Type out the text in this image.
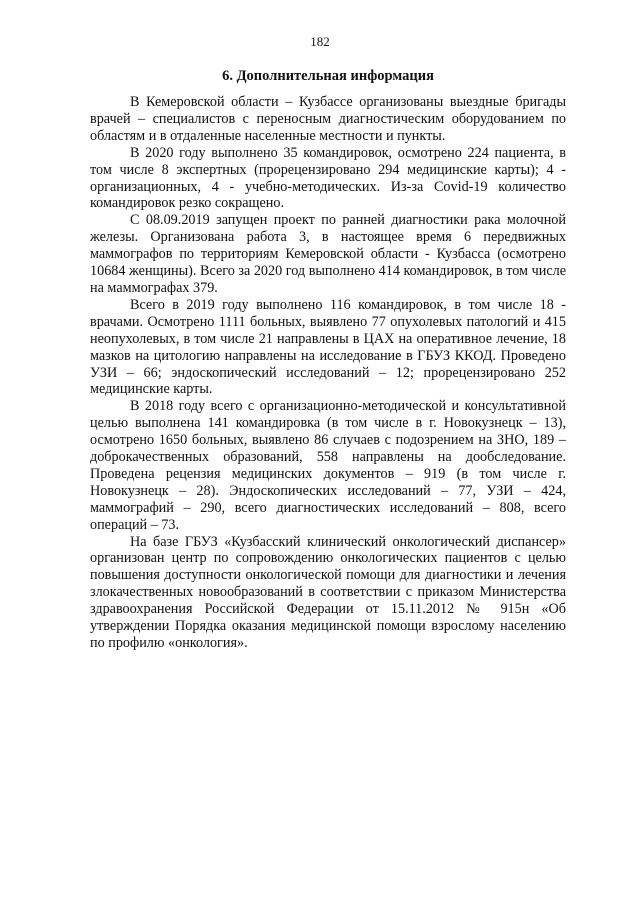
182
6. Дополнительная информация

В Кемеровской области – Кузбассе организованы выездные бригады врачей – специалистов с переносным диагностическим оборудованием по областям и в отдаленные населенные местности и пункты.

В 2020 году выполнено 35 командировок, осмотрено 224 пациента, в том числе 8 экспертных (прорецензировано 294 медицинские карты); 4 - организационных, 4 - учебно-методических. Из-за Covid-19 количество командировок резко сокращено.

С 08.09.2019 запущен проект по ранней диагностики рака молочной железы. Организована работа 3, в настоящее время 6 передвижных маммографов по территориям Кемеровской области - Кузбасса (осмотрено 10684 женщины). Всего за 2020 год выполнено 414 командировок, в том числе на маммографах 379.

Всего в 2019 году выполнено 116 командировок, в том числе 18 - врачами. Осмотрено 1111 больных, выявлено 77 опухолевых патологий и 415 неопухолевых, в том числе 21 направлены в ЦАХ на оперативное лечение, 18 мазков на цитологию направлены на исследование в ГБУЗ ККОД. Проведено УЗИ – 66; эндоскопический исследований – 12; прорецензировано 252 медицинские карты.

В 2018 году всего с организационно-методической и консультативной целью выполнена 141 командировка (в том числе в г. Новокузнецк – 13), осмотрено 1650 больных, выявлено 86 случаев с подозрением на ЗНО, 189 – доброкачественных образований, 558 направлены на дообследование. Проведена рецензия медицинских документов – 919 (в том числе г. Новокузнецк – 28). Эндоскопических исследований – 77, УЗИ – 424, маммографий – 290, всего диагностических исследований – 808, всего операций – 73.

На базе ГБУЗ «Кузбасский клинический онкологический диспансер» организован центр по сопровождению онкологических пациентов с целью повышения доступности онкологической помощи для диагностики и лечения злокачественных новообразований в соответствии с приказом Министерства здравоохранения Российской Федерации от 15.11.2012 № 915н «Об утверждении Порядка оказания медицинской помощи взрослому населению по профилю «онкология».
